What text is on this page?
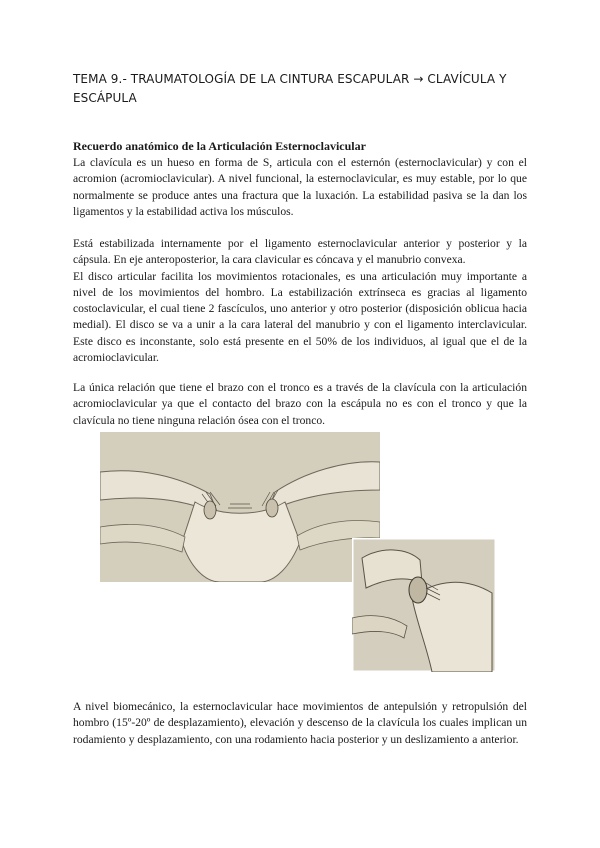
TEMA 9.- TRAUMATOLOGÍA DE LA CINTURA ESCAPULAR → CLAVÍCULA Y ESCÁPULA
Recuerdo anatómico de la Articulación Esternoclavicular

La clavícula es un hueso en forma de S, articula con el esternón (esternoclavicular) y con el acromion (acromioclavicular). A nivel funcional, la esternoclavicular, es muy estable, por lo que normalmente se produce antes una fractura que la luxación. La estabilidad pasiva se la dan los ligamentos y la estabilidad activa los músculos.

Está estabilizada internamente por el ligamento esternoclavicular anterior y posterior y la cápsula. En eje anteroposterior, la cara clavicular es cóncava y el manubrio convexa.
El disco articular facilita los movimientos rotacionales, es una articulación muy importante a nivel de los movimientos del hombro. La estabilización extrínseca es gracias al ligamento costoclavicular, el cual tiene 2 fascículos, uno anterior y otro posterior (disposición oblicua hacia medial). El disco se va a unir a la cara lateral del manubrio y con el ligamento interclavicular. Este disco es inconstante, solo está presente en el 50% de los individuos, al igual que el de la acromioclavicular.

La única relación que tiene el brazo con el tronco es a través de la clavícula con la articulación acromioclavicular ya que el contacto del brazo con la escápula no es con el tronco y que la clavícula no tiene ninguna relación ósea con el tronco.

A nivel biomecánico, la esternoclavicular hace movimientos de antepulsión y retropulsión del hombro (15º-20º de desplazamiento), elevación y descenso de la clavícula los cuales implican un rodamiento y desplazamiento, con una rodamiento hacia posterior y un deslizamiento a anterior.
